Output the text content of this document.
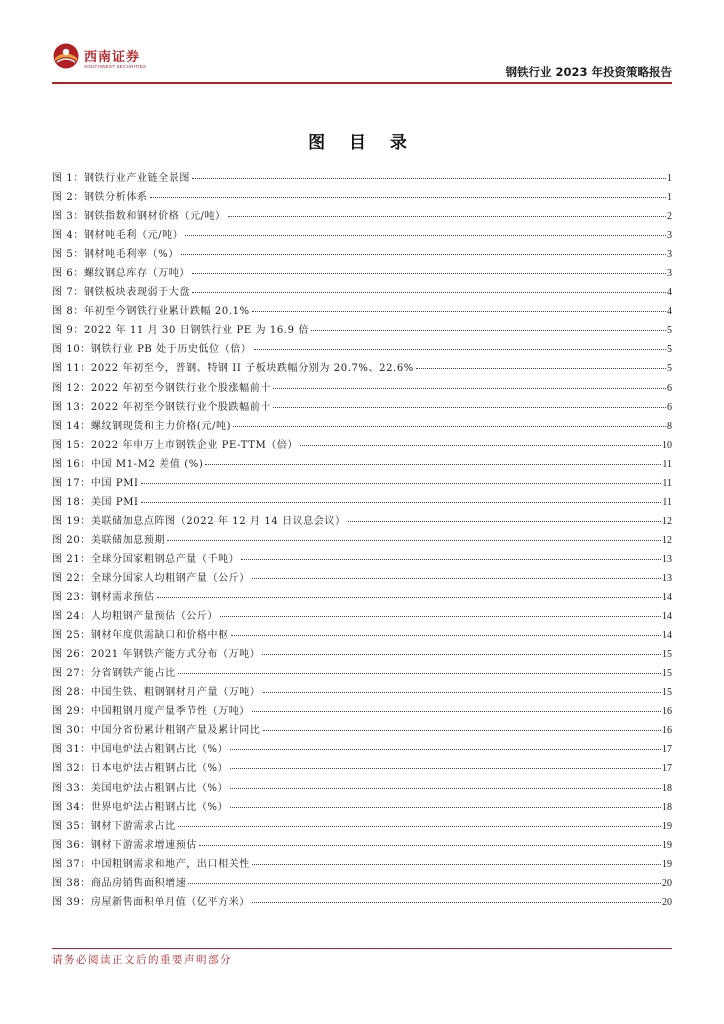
西南证券
SOUTHWEST SECURITIES	钢铁行业 2023 年投资策略报告
图 目 录
图 1：钢铁行业产业链全景图	1
图 2：钢铁分析体系	1
图 3：钢铁指数和钢材价格（元/吨）	2
图 4：钢材吨毛利（元/吨）	3
图 5：钢材吨毛利率（%）	3
图 6：螺纹钢总库存（万吨）	3
图 7：钢铁板块表现弱于大盘	4
图 8：年初至今钢铁行业累计跌幅 20.1%	4
图 9：2022 年 11 月 30 日钢铁行业 PE 为 16.9 倍	5
图 10：钢铁行业 PB 处于历史低位（倍）	5
图 11：2022 年初至今，普钢、特钢 II 子板块跌幅分别为 20.7%、22.6%	5
图 12：2022 年初至今钢铁行业个股涨幅前十	6
图 13：2022 年初至今钢铁行业个股跌幅前十	6
图 14：螺纹钢现货和主力价格(元/吨)	8
图 15：2022 年申万上市钢铁企业 PE-TTM（倍）	10
图 16：中国 M1-M2 差值 (%)	11
图 17：中国 PMI	11
图 18：美国 PMI	11
图 19：美联储加息点阵图（2022 年 12 月 14 日议息会议）	12
图 20：美联储加息预期	12
图 21：全球分国家粗钢总产量（千吨）	13
图 22：全球分国家人均粗钢产量（公斤）	13
图 23：钢材需求预估	14
图 24：人均粗钢产量预估（公斤）	14
图 25：钢材年度供需缺口和价格中枢	14
图 26：2021 年钢铁产能方式分布（万吨）	15
图 27：分省钢铁产能占比	15
图 28：中国生铁、粗钢钢材月产量（万吨）	15
图 29：中国粗钢月度产量季节性（万吨）	16
图 30：中国分省份累计粗钢产量及累计同比	16
图 31：中国电炉法占粗钢占比（%）	17
图 32：日本电炉法占粗钢占比（%）	17
图 33：美国电炉法占粗钢占比（%）	18
图 34：世界电炉法占粗钢占比（%）	18
图 35：钢材下游需求占比	19
图 36：钢材下游需求增速预估	19
图 37：中国粗钢需求和地产，出口相关性	19
图 38：商品房销售面积增速	20
图 39：房屋新售面积单月值（亿平方米）	20
请务必阅读正文后的重要声明部分
